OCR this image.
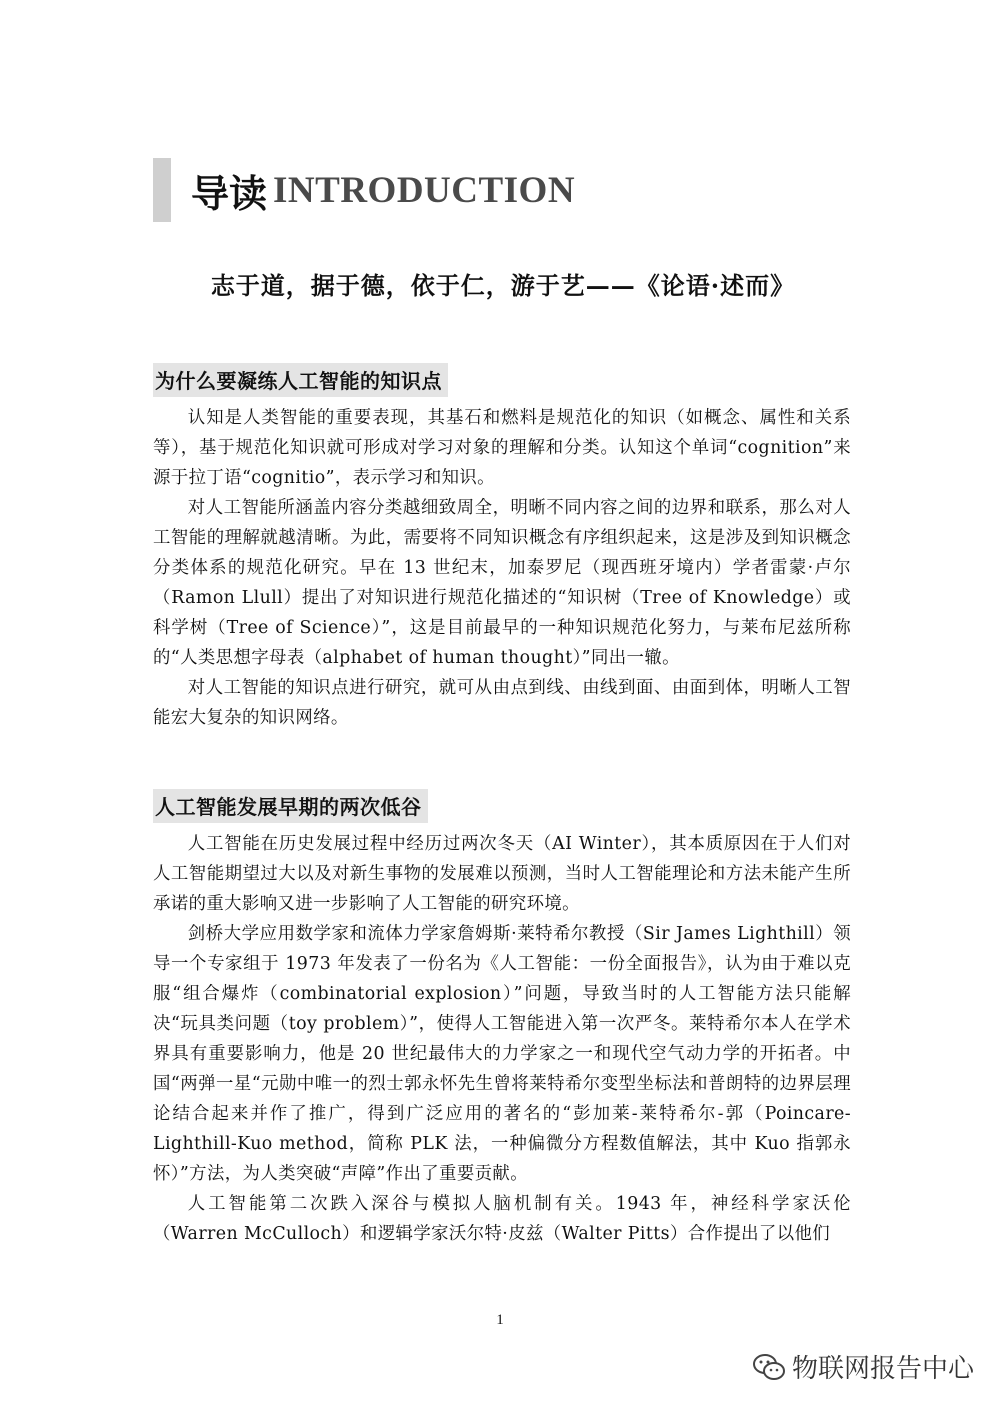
导读 INTRODUCTION
志于道，据于德，依于仁，游于艺——《论语·述而》
为什么要凝练人工智能的知识点

认知是人类智能的重要表现，其基石和燃料是规范化的知识（如概念、属性和关系等），基于规范化知识就可形成对学习对象的理解和分类。认知这个单词“cognition”来源于拉丁语“cognitio”，表示学习和知识。

对人工智能所涵盖内容分类越细致周全，明晰不同内容之间的边界和联系，那么对人工智能的理解就越清晰。为此，需要将不同知识概念有序组织起来，这是涉及到知识概念分类体系的规范化研究。早在 13 世纪末，加泰罗尼（现西班牙境内）学者雷蒙·卢尔（Ramon Llull）提出了对知识进行规范化描述的“知识树（Tree of Knowledge）或科学树（Tree of Science）”，这是目前最早的一种知识规范化努力，与莱布尼兹所称的“人类思想字母表（alphabet of human thought）”同出一辙。

对人工智能的知识点进行研究，就可从由点到线、由线到面、由面到体，明晰人工智能宏大复杂的知识网络。

人工智能发展早期的两次低谷

人工智能在历史发展过程中经历过两次冬天（AI Winter），其本质原因在于人们对人工智能期望过大以及对新生事物的发展难以预测，当时人工智能理论和方法未能产生所承诺的重大影响又进一步影响了人工智能的研究环境。

剑桥大学应用数学家和流体力学家詹姆斯·莱特希尔教授（Sir James Lighthill）领导一个专家组于 1973 年发表了一份名为《人工智能：一份全面报告》，认为由于难以克服“组合爆炸（combinatorial explosion）”问题，导致当时的人工智能方法只能解决“玩具类问题（toy problem）”，使得人工智能进入第一次严冬。莱特希尔本人在学术界具有重要影响力，他是 20 世纪最伟大的力学家之一和现代空气动力学的开拓者。中国“两弹一星“元勋中唯一的烈士郭永怀先生曾将莱特希尔变型坐标法和普朗特的边界层理论结合起来并作了推广，得到广泛应用的著名的“彭加莱-莱特希尔-郭（Poincare-Lighthill-Kuo method，简称 PLK 法，一种偏微分方程数值解法，其中 Kuo 指郭永怀）”方法，为人类突破“声障”作出了重要贡献。

人工智能第二次跌入深谷与模拟人脑机制有关。1943 年，神经科学家沃伦（Warren McCulloch）和逻辑学家沃尔特·皮兹（Walter Pitts）合作提出了以他们

1
物联网报告中心
